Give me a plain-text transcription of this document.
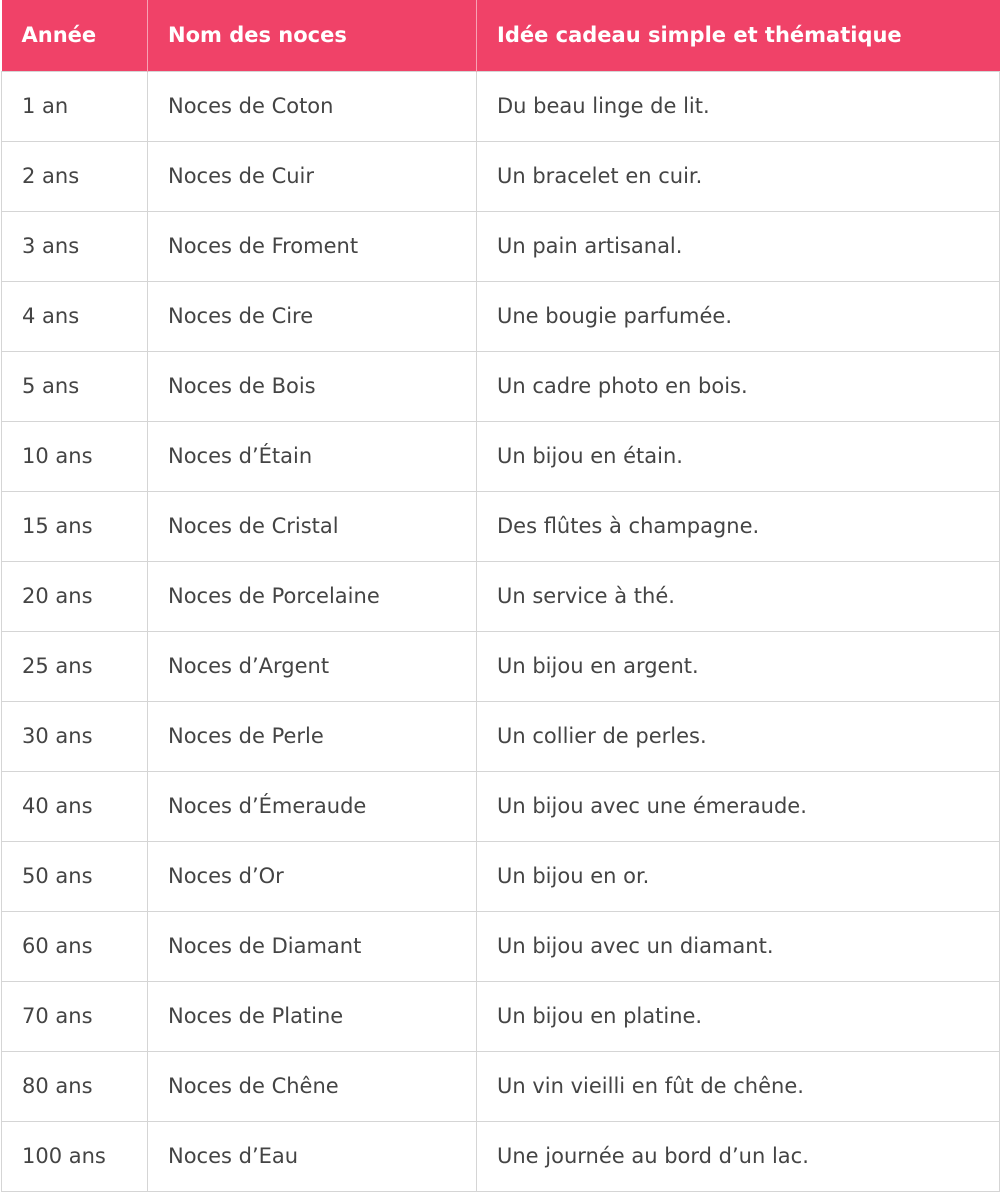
Année	Nom des noces	Idée cadeau simple et thématique
1 an	Noces de Coton	Du beau linge de lit.
2 ans	Noces de Cuir	Un bracelet en cuir.
3 ans	Noces de Froment	Un pain artisanal.
4 ans	Noces de Cire	Une bougie parfumée.
5 ans	Noces de Bois	Un cadre photo en bois.
10 ans	Noces d’Étain	Un bijou en étain.
15 ans	Noces de Cristal	Des flûtes à champagne.
20 ans	Noces de Porcelaine	Un service à thé.
25 ans	Noces d’Argent	Un bijou en argent.
30 ans	Noces de Perle	Un collier de perles.
40 ans	Noces d’Émeraude	Un bijou avec une émeraude.
50 ans	Noces d’Or	Un bijou en or.
60 ans	Noces de Diamant	Un bijou avec un diamant.
70 ans	Noces de Platine	Un bijou en platine.
80 ans	Noces de Chêne	Un vin vieilli en fût de chêne.
100 ans	Noces d’Eau	Une journée au bord d’un lac.
